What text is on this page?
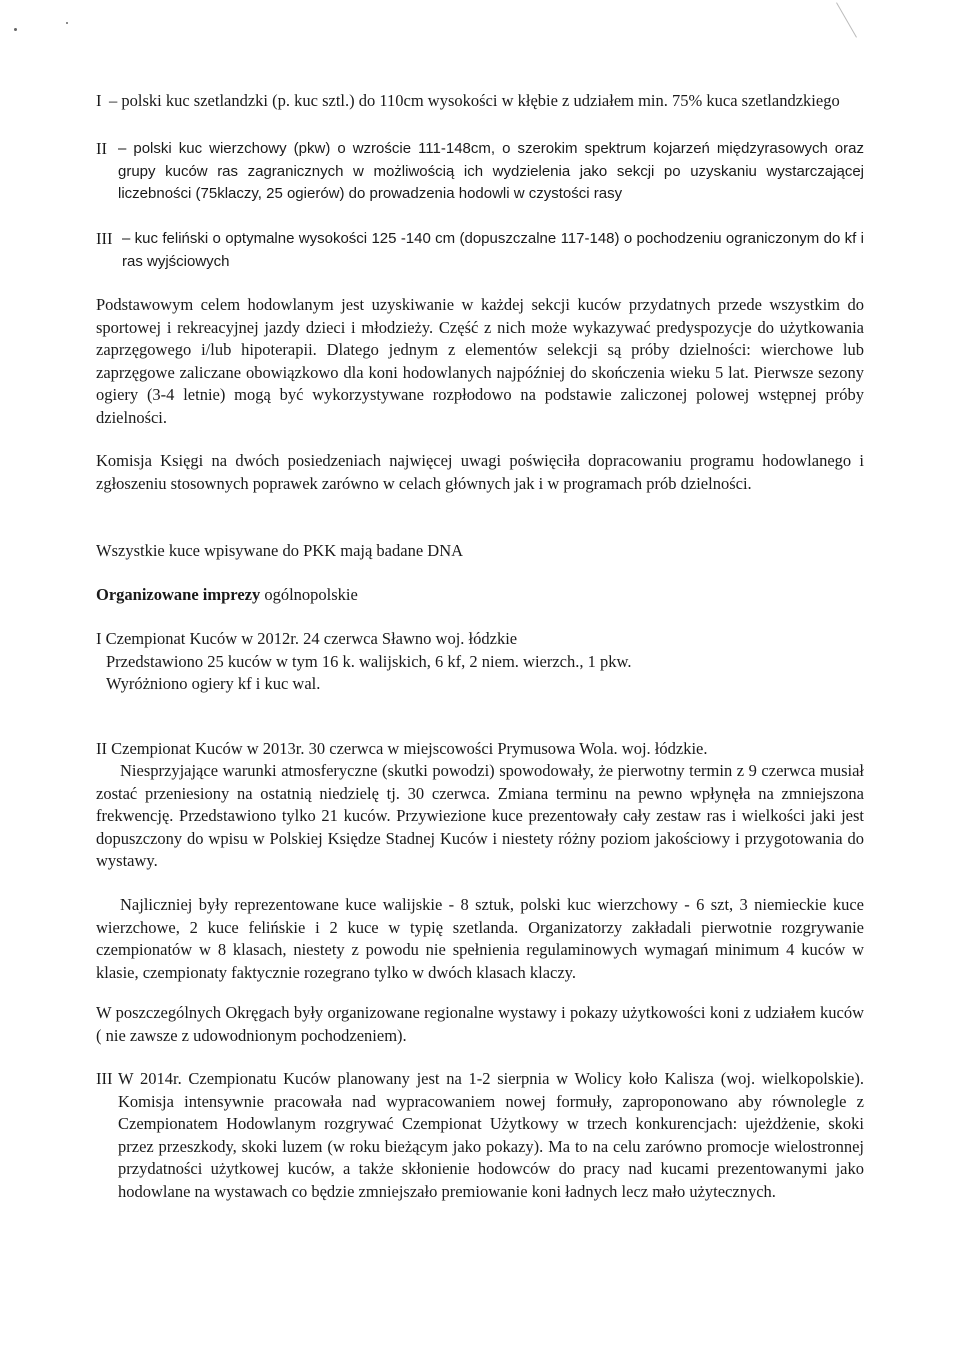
I – polski kuc szetlandzki (p. kuc sztl.) do 110cm wysokości w kłębie z udziałem min. 75% kuca szetlandzkiego
II – polski kuc wierzchowy (pkw) o wzroście 111-148cm, o szerokim spektrum kojarzeń międzyrasowych oraz grupy kuców ras zagranicznych w możliwością ich wydzielenia jako sekcji po uzyskaniu wystarczającej liczebności (75klaczy, 25 ogierów) do prowadzenia hodowli w czystości rasy
III – kuc feliński o optymalne wysokości 125 -140 cm (dopuszczalne 117-148) o pochodzeniu ograniczonym do kf i ras wyjściowych
Podstawowym celem hodowlanym jest uzyskiwanie w każdej sekcji kuców przydatnych przede wszystkim do sportowej i rekreacyjnej jazdy dzieci i młodzieży. Część z nich może wykazywać predyspozycje do użytkowania zaprzęgowego i/lub hipoterapii. Dlatego jednym z elementów selekcji są próby dzielności: wierchowe lub zaprzęgowe zaliczane obowiązkowo dla koni hodowlanych najpóźniej do skończenia wieku 5 lat. Pierwsze sezony ogiery (3-4 letnie) mogą być wykorzystywane rozpłodowo na podstawie zaliczonej polowej wstępnej próby dzielności.
Komisja Księgi na dwóch posiedzeniach najwięcej uwagi poświęciła dopracowaniu programu hodowlanego i zgłoszeniu stosownych poprawek zarówno w celach głównych jak i w programach prób dzielności.
Wszystkie kuce wpisywane do PKK mają badane DNA
Organizowane imprezy ogólnopolskie
I Czempionat Kuców w 2012r. 24 czerwca Sławno woj. łódzkie
Przedstawiono 25 kuców w tym 16 k. walijskich, 6 kf, 2 niem. wierzch., 1 pkw.
Wyróżniono ogiery kf i kuc wal.
II Czempionat Kuców w 2013r. 30 czerwca w miejscowości Prymusowa Wola. woj. łódzkie.
Niesprzyjające warunki atmosferyczne (skutki powodzi) spowodowały, że pierwotny termin z 9 czerwca musiał zostać przeniesiony na ostatnią niedzielę tj. 30 czerwca. Zmiana terminu na pewno wpłynęła na zmniejszona frekwencję. Przedstawiono tylko 21 kuców. Przywiezione kuce prezentowały cały zestaw ras i wielkości jaki jest dopuszczony do wpisu w Polskiej Księdze Stadnej Kuców i niestety różny poziom jakościowy i przygotowania do wystawy.
Najliczniej były reprezentowane kuce walijskie - 8 sztuk, polski kuc wierzchowy - 6 szt, 3 niemieckie kuce wierzchowe, 2 kuce felińskie i 2 kuce w typię szetlanda. Organizatorzy zakładali pierwotnie rozgrywanie czempionatów w 8 klasach, niestety z powodu nie spełnienia regulaminowych wymagań minimum 4 kuców w klasie, czempionaty faktycznie rozegrano tylko w dwóch klasach klaczy.
W poszczególnych Okręgach były organizowane regionalne wystawy i pokazy użytkowości koni z udziałem kuców ( nie zawsze z udowodnionym pochodzeniem).
III W 2014r. Czempionatu Kuców planowany jest na 1-2 sierpnia w Wolicy koło Kalisza (woj. wielkopolskie). Komisja intensywnie pracowała nad wypracowaniem nowej formuły, zaproponowano aby równolegle z Czempionatem Hodowlanym rozgrywać Czempionat Użytkowy w trzech konkurencjach: ujeżdżenie, skoki przez przeszkody, skoki luzem (w roku bieżącym jako pokazy). Ma to na celu zarówno promocje wielostronnej przydatności użytkowej kuców, a także skłonienie hodowców do pracy nad kucami prezentowanymi jako hodowlane na wystawach co będzie zmniejszało premiowanie koni ładnych lecz mało użytecznych.
